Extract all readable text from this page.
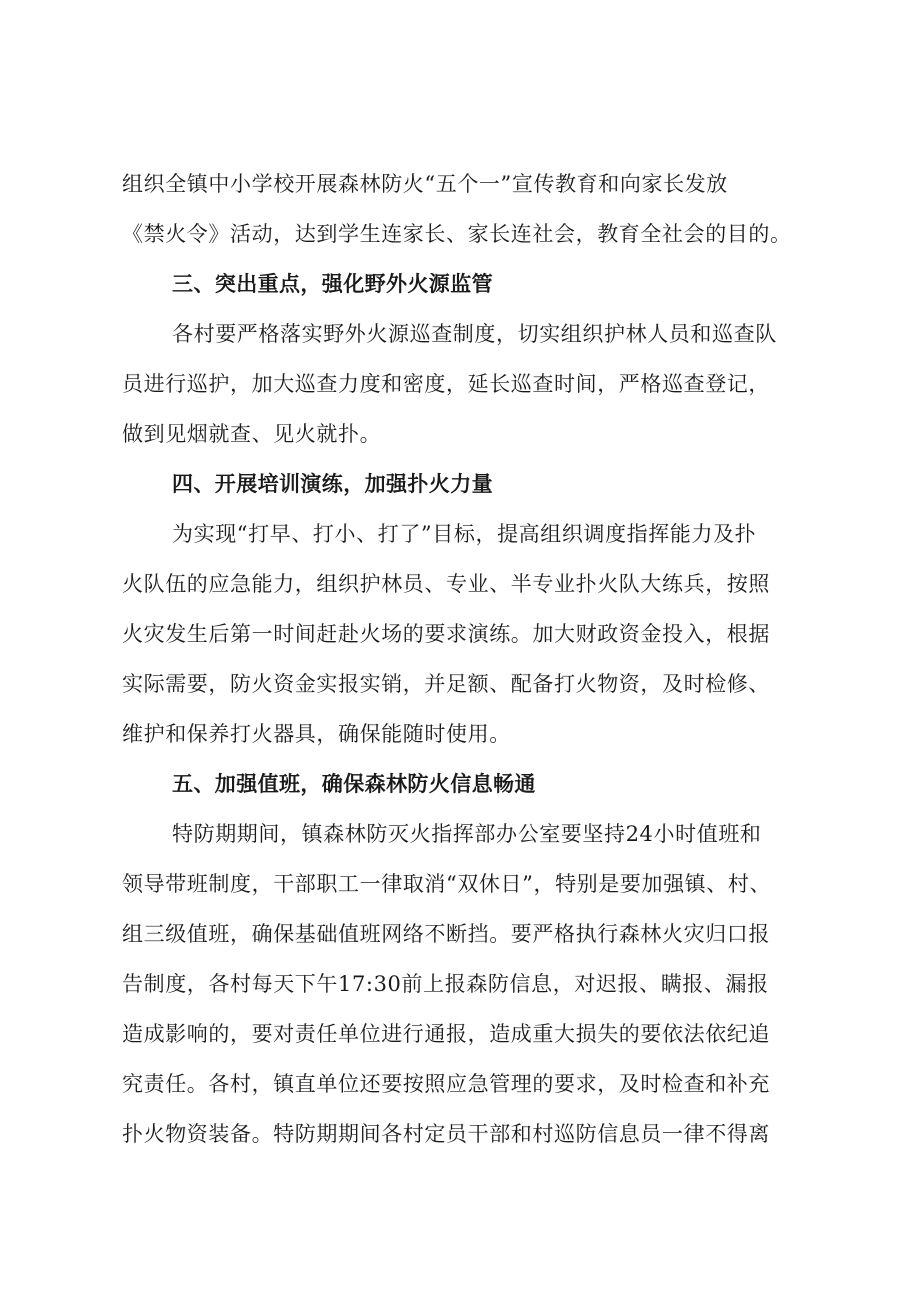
组织全镇中小学校开展森林防火“五个一”宣传教育和向家长发放
《禁火令》活动，达到学生连家长、家长连社会，教育全社会的目的。
三、突出重点，强化野外火源监管
各村要严格落实野外火源巡查制度，切实组织护林人员和巡查队
员进行巡护，加大巡查力度和密度，延长巡查时间，严格巡查登记，
做到见烟就查、见火就扑。
四、开展培训演练，加强扑火力量
为实现“打早、打小、打了”目标，提高组织调度指挥能力及扑
火队伍的应急能力，组织护林员、专业、半专业扑火队大练兵，按照
火灾发生后第一时间赶赴火场的要求演练。加大财政资金投入，根据
实际需要，防火资金实报实销，并足额、配备打火物资，及时检修、
维护和保养打火器具，确保能随时使用。
五、加强值班，确保森林防火信息畅通
特防期期间，镇森林防灭火指挥部办公室要坚持24小时值班和
领导带班制度，干部职工一律取消“双休日”，特别是要加强镇、村、
组三级值班，确保基础值班网络不断挡。要严格执行森林火灾归口报
告制度，各村每天下午17:30前上报森防信息，对迟报、瞒报、漏报
造成影响的，要对责任单位进行通报，造成重大损失的要依法依纪追
究责任。各村，镇直单位还要按照应急管理的要求，及时检查和补充
扑火物资装备。特防期期间各村定员干部和村巡防信息员一律不得离
